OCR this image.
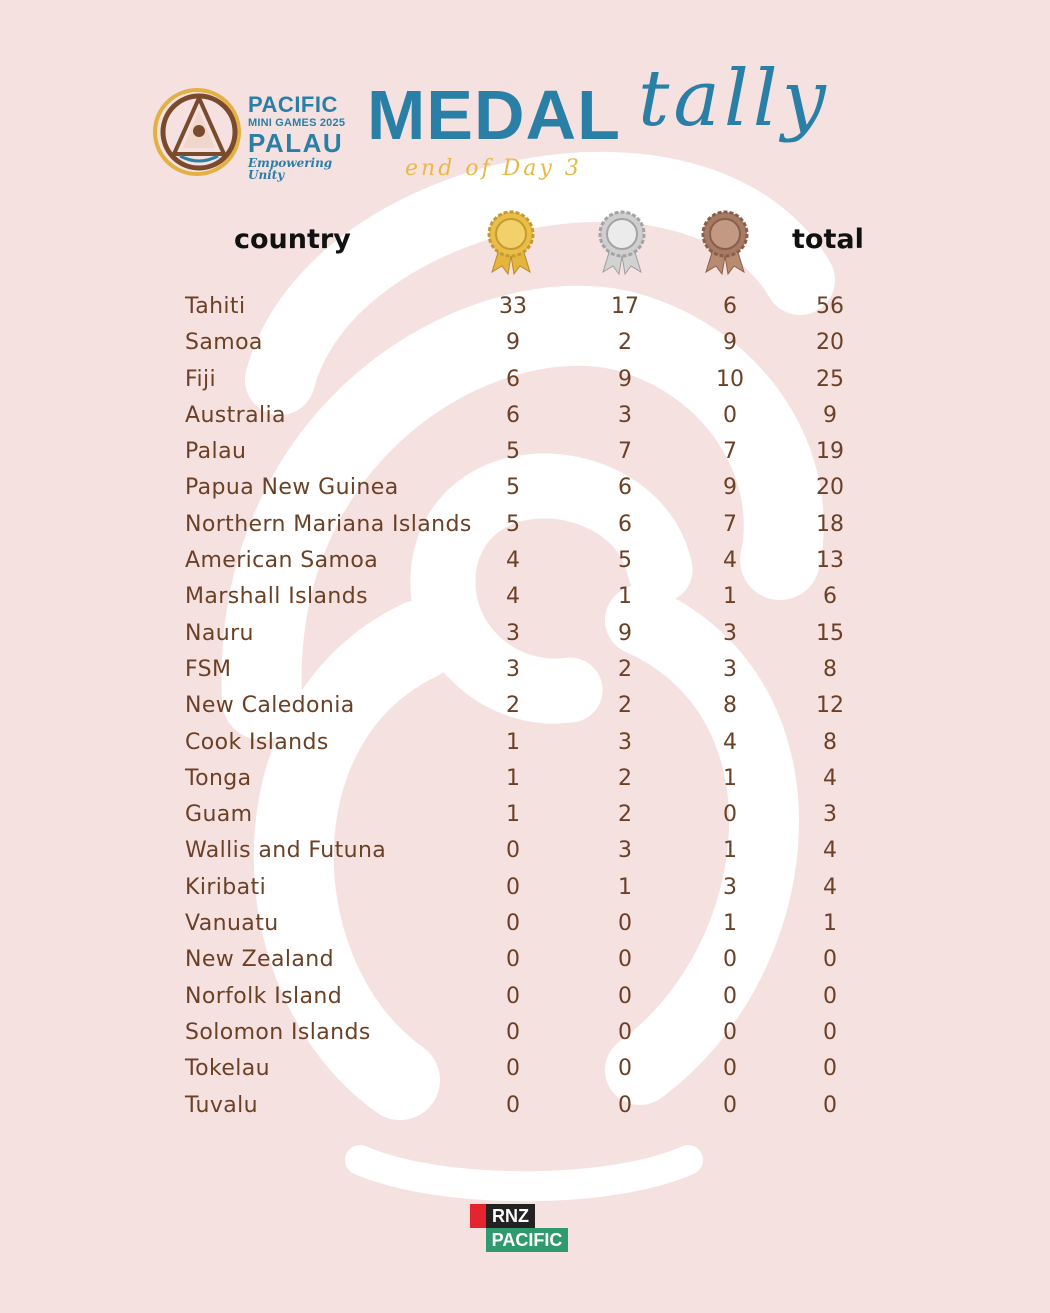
PACIFIC
MINI GAMES 2025
PALAU
Empowering Unity
MEDAL tally
end of Day 3
country	total
Tahiti	33	17	6	56
Samoa	9	2	9	20
Fiji	6	9	10	25
Australia	6	3	0	9
Palau	5	7	7	19
Papua New Guinea	5	6	9	20
Northern Mariana Islands	5	6	7	18
American Samoa	4	5	4	13
Marshall Islands	4	1	1	6
Nauru	3	9	3	15
FSM	3	2	3	8
New Caledonia	2	2	8	12
Cook Islands	1	3	4	8
Tonga	1	2	1	4
Guam	1	2	0	3
Wallis and Futuna	0	3	1	4
Kiribati	0	1	3	4
Vanuatu	0	0	1	1
New Zealand	0	0	0	0
Norfolk Island	0	0	0	0
Solomon Islands	0	0	0	0
Tokelau	0	0	0	0
Tuvalu	0	0	0	0
RNZ
PACIFIC
